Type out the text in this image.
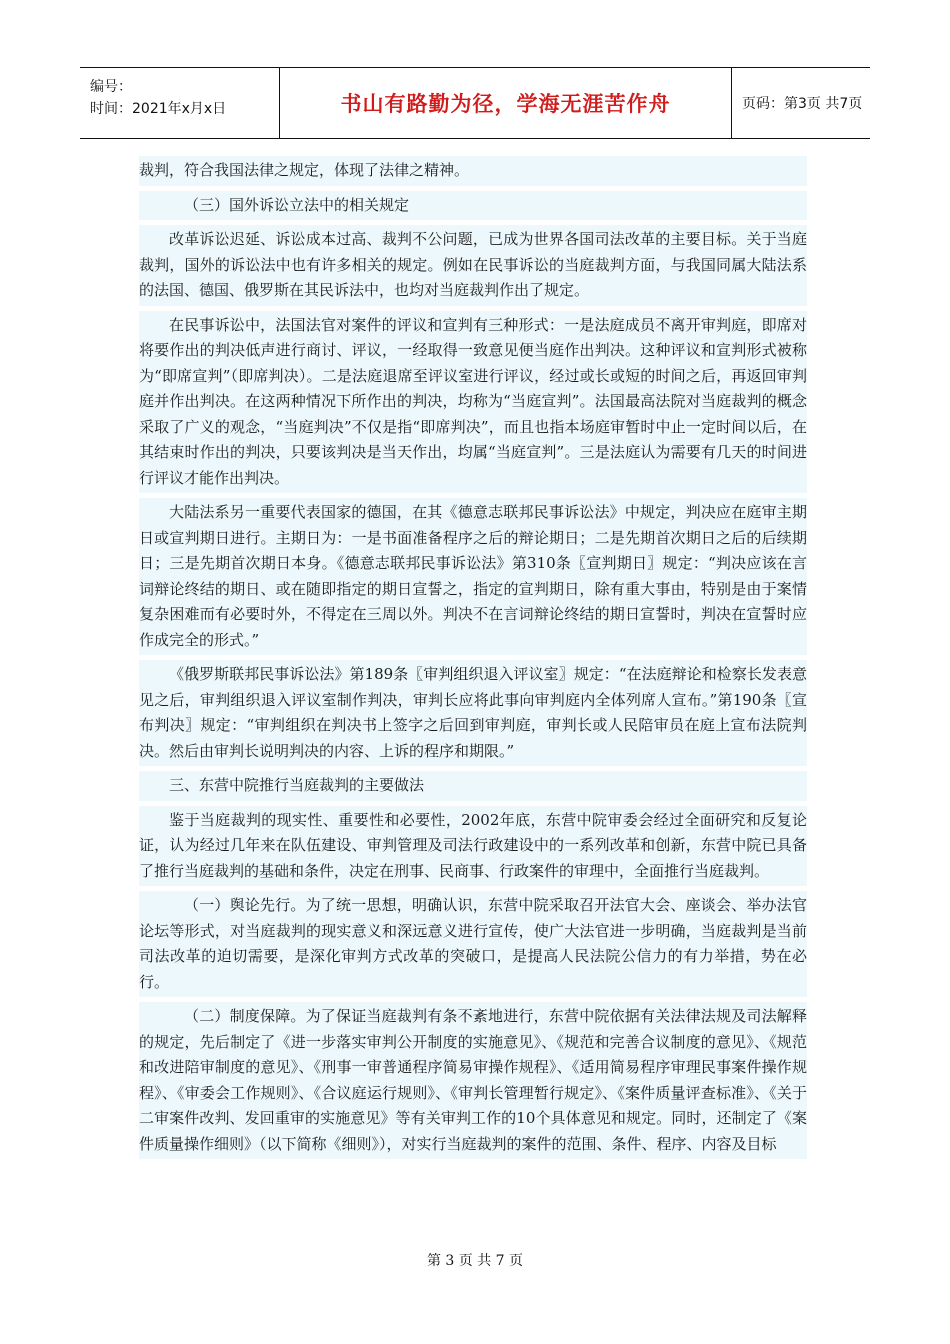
编号：
时间：2021年x月x日	书山有路勤为径，学海无涯苦作舟	页码：第3页 共7页

裁判，符合我国法律之规定，体现了法律之精神。

（三）国外诉讼立法中的相关规定

改革诉讼迟延、诉讼成本过高、裁判不公问题，已成为世界各国司法改革的主要目标。关于当庭裁判，国外的诉讼法中也有许多相关的规定。例如在民事诉讼的当庭裁判方面，与我国同属大陆法系的法国、德国、俄罗斯在其民诉法中，也均对当庭裁判作出了规定。

在民事诉讼中，法国法官对案件的评议和宣判有三种形式：一是法庭成员不离开审判庭，即席对将要作出的判决低声进行商讨、评议，一经取得一致意见便当庭作出判决。这种评议和宣判形式被称为“即席宣判”（即席判决）。二是法庭退席至评议室进行评议，经过或长或短的时间之后，再返回审判庭并作出判决。在这两种情况下所作出的判决，均称为“当庭宣判”。法国最高法院对当庭裁判的概念采取了广义的观念，“当庭判决”不仅是指“即席判决”，而且也指本场庭审暂时中止一定时间以后，在其结束时作出的判决，只要该判决是当天作出，均属“当庭宣判”。三是法庭认为需要有几天的时间进行评议才能作出判决。

大陆法系另一重要代表国家的德国，在其《德意志联邦民事诉讼法》中规定，判决应在庭审主期日或宣判期日进行。主期日为：一是书面准备程序之后的辩论期日；二是先期首次期日之后的后续期日；三是先期首次期日本身。《德意志联邦民事诉讼法》第310条〖宣判期日〗规定：“判决应该在言词辩论终结的期日、或在随即指定的期日宣誓之，指定的宣判期日，除有重大事由，特别是由于案情复杂困难而有必要时外，不得定在三周以外。判决不在言词辩论终结的期日宣誓时，判决在宣誓时应作成完全的形式。”

《俄罗斯联邦民事诉讼法》第189条〖审判组织退入评议室〗规定：“在法庭辩论和检察长发表意见之后，审判组织退入评议室制作判决，审判长应将此事向审判庭内全体列席人宣布。”第190条〖宣布判决〗规定：“审判组织在判决书上签字之后回到审判庭，审判长或人民陪审员在庭上宣布法院判决。然后由审判长说明判决的内容、上诉的程序和期限。”

三、东营中院推行当庭裁判的主要做法

鉴于当庭裁判的现实性、重要性和必要性，2002年底，东营中院审委会经过全面研究和反复论证，认为经过几年来在队伍建设、审判管理及司法行政建设中的一系列改革和创新，东营中院已具备了推行当庭裁判的基础和条件，决定在刑事、民商事、行政案件的审理中，全面推行当庭裁判。

（一）舆论先行。为了统一思想，明确认识，东营中院采取召开法官大会、座谈会、举办法官论坛等形式，对当庭裁判的现实意义和深远意义进行宣传，使广大法官进一步明确，当庭裁判是当前司法改革的迫切需要，是深化审判方式改革的突破口，是提高人民法院公信力的有力举措，势在必行。

（二）制度保障。为了保证当庭裁判有条不紊地进行，东营中院依据有关法律法规及司法解释的规定，先后制定了《进一步落实审判公开制度的实施意见》、《规范和完善合议制度的意见》、《规范和改进陪审制度的意见》、《刑事一审普通程序简易审操作规程》、《适用简易程序审理民事案件操作规程》、《审委会工作规则》、《合议庭运行规则》、《审判长管理暂行规定》、《案件质量评查标准》、《关于二审案件改判、发回重审的实施意见》等有关审判工作的10个具体意见和规定。同时，还制定了《案件质量操作细则》（以下简称《细则》），对实行当庭裁判的案件的范围、条件、程序、内容及目标

第 3 页 共 7 页
